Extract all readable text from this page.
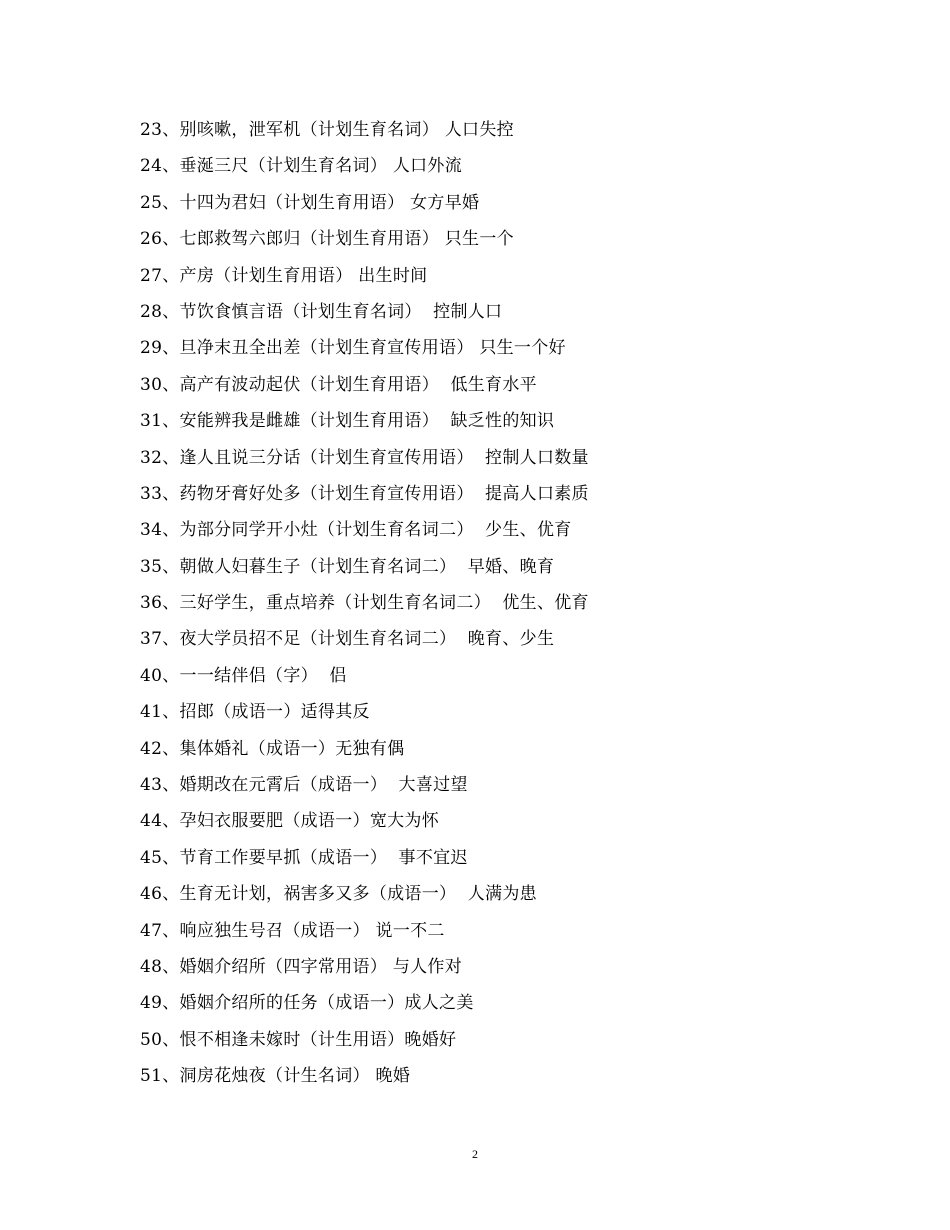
23、别咳嗽，泄军机（计划生育名词） 人口失控
24、垂涎三尺（计划生育名词） 人口外流
25、十四为君妇（计划生育用语） 女方早婚
26、七郎救驾六郎归（计划生育用语） 只生一个
27、产房（计划生育用语） 出生时间
28、节饮食慎言语（计划生育名词）  控制人口
29、旦净末丑全出差（计划生育宣传用语） 只生一个好
30、高产有波动起伏（计划生育用语）  低生育水平
31、安能辨我是雌雄（计划生育用语）  缺乏性的知识
32、逢人且说三分话（计划生育宣传用语）  控制人口数量
33、药物牙膏好处多（计划生育宣传用语）  提高人口素质
34、为部分同学开小灶（计划生育名词二）  少生、优育
35、朝做人妇暮生子（计划生育名词二）  早婚、晚育
36、三好学生，重点培养（计划生育名词二）  优生、优育
37、夜大学员招不足（计划生育名词二）  晚育、少生
40、一一结伴侣（字）  侣
41、招郎（成语一）适得其反
42、集体婚礼（成语一）无独有偶
43、婚期改在元霄后（成语一）  大喜过望
44、孕妇衣服要肥（成语一）宽大为怀
45、节育工作要早抓（成语一）  事不宜迟
46、生育无计划，祸害多又多（成语一）  人满为患
47、响应独生号召（成语一） 说一不二
48、婚姻介绍所（四字常用语） 与人作对
49、婚姻介绍所的任务（成语一）成人之美
50、恨不相逢未嫁时（计生用语）晚婚好
51、洞房花烛夜（计生名词） 晚婚
2
